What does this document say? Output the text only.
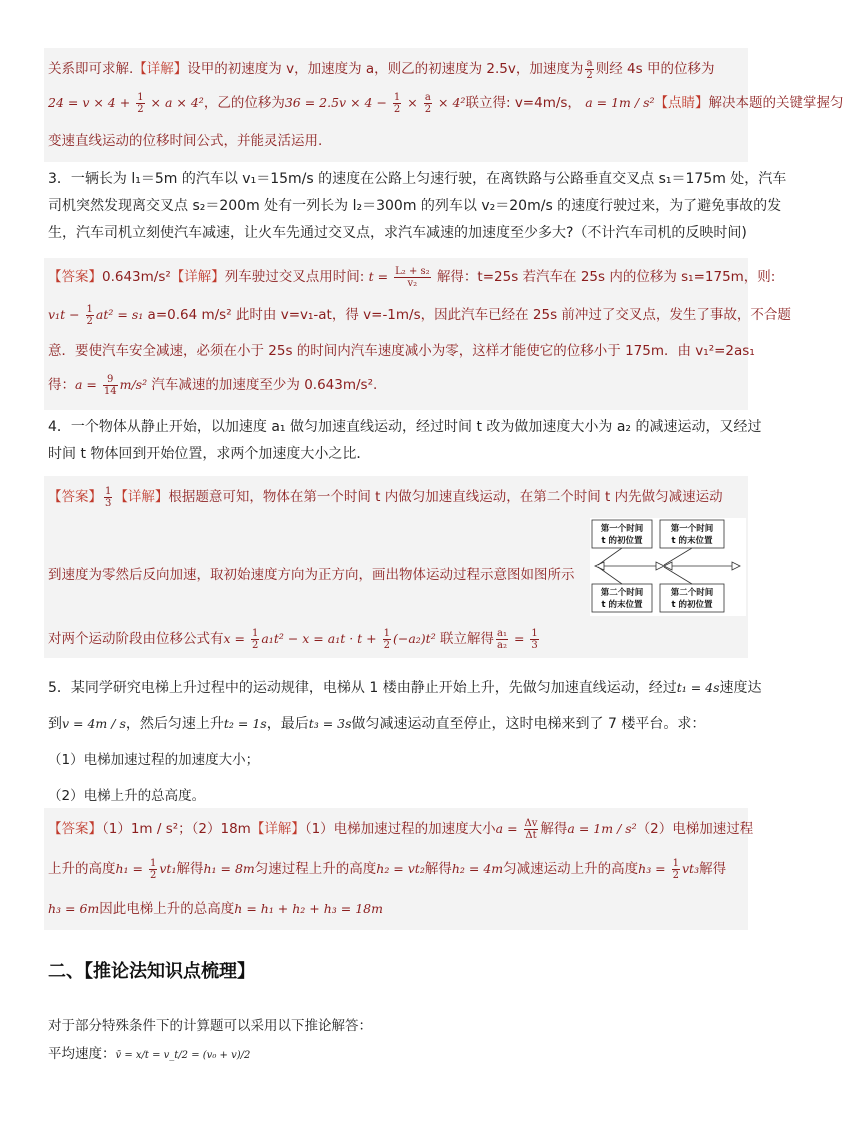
关系即可求解.【详解】设甲的初速度为 v，加速度为 a，则乙的初速度为 2.5v，加速度为 $\frac{a}{2}$ 则经 4s 甲的位移为
$24 = v \times 4 + \frac{1}{2} \times a \times 4^2$，乙的位移为$36 = 2.5v \times 4 - \frac{1}{2} \times \frac{a}{2} \times 4^2$联立得: v=4m/s， a = 1m / s²【点睛】解决本题的关键掌握匀
变速直线运动的位移时间公式，并能灵活运用.
3．一辆长为 l₁＝5m 的汽车以 v₁＝15m/s 的速度在公路上匀速行驶，在离铁路与公路垂直交叉点 s₁＝175m 处，汽车
司机突然发现离交叉点 s₂＝200m 处有一列长为 l₂＝300m 的列车以 v₂＝20m/s 的速度行驶过来，为了避免事故的发
生，汽车司机立刻使汽车减速，让火车先通过交叉点，求汽车减速的加速度至少多大?（不计汽车司机的反映时间)
【答案】0.643m/s²【详解】列车驶过交叉点用时间: $t = \frac{\text{L₂ + s₂}}{\text{v₂}}$ 解得：t=25s 若汽车在 25s 内的位移为 s₁=175m，则:
$v_1t - \frac{1}{2} at^2 = s_1$ a=0.64 m/s² 此时由 v=v₁-at，得 v=-1m/s，因此汽车已经在 25s 前冲过了交叉点，发生了事故，不合题
意．要使汽车安全减速，必须在小于 25s 的时间内汽车速度减小为零，这样才能使它的位移小于 175m．由 v₁²=2as₁
得：$a = \frac{9}{14} m/s^2$ 汽车减速的加速度至少为 0.643m/s².
4．一个物体从静止开始，以加速度 a₁ 做匀加速直线运动，经过时间 t 改为做加速度大小为 a₂ 的减速运动，又经过
时间 t 物体回到开始位置，求两个加速度大小之比．
【答案】 $\frac{1}{3}$ 【详解】根据题意可知，物体在第一个时间 t 内做匀加速直线运动，在第二个时间 t 内先做匀减速运动
到速度为零然后反向加速，取初始速度方向为正方向，画出物体运动过程示意图如图所示
对两个运动阶段由位移公式有$x = \frac{1}{2} a_1t^2 - x = a_1t \cdot t + \frac{1}{2} (-a_2)t^2$ 联立解得 $\frac{\text{a₁}}{\text{a₂}} = \frac{1}{3}$
第一个时间
t 的初位置
第一个时间
t 的末位置
第二个时间
t 的末位置
第二个时间
t 的初位置
5．某同学研究电梯上升过程中的运动规律，电梯从 1 楼由静止开始上升，先做匀加速直线运动，经过t₁ = 4s速度达
到v = 4m / s，然后匀速上升t₂ = 1s，最后t₃ = 3s做匀减速运动直至停止，这时电梯来到了 7 楼平台。求：
（1）电梯加速过程的加速度大小；
（2）电梯上升的总高度。
【答案】（1）1m / s²；（2）18m【详解】（1）电梯加速过程的加速度大小$a = \frac{\Delta v}{\Delta t}$ 解得a = 1m / s²（2）电梯加速过程
上升的高度$h_1 = \frac{1}{2} vt_1$解得h₁ = 8m匀速过程上升的高度h₂ = vt₂解得h₂ = 4m匀减速运动上升的高度$h_3 = \frac{1}{2} vt_3$解得
h₃ = 6m因此电梯上升的总高度h = h₁ + h₂ + h₃ = 18m
二、【推论法知识点梳理】
对于部分特殊条件下的计算题可以采用以下推论解答：
平均速度：v̄ = x/t = v_t/2 = (v₀ + v)/2
